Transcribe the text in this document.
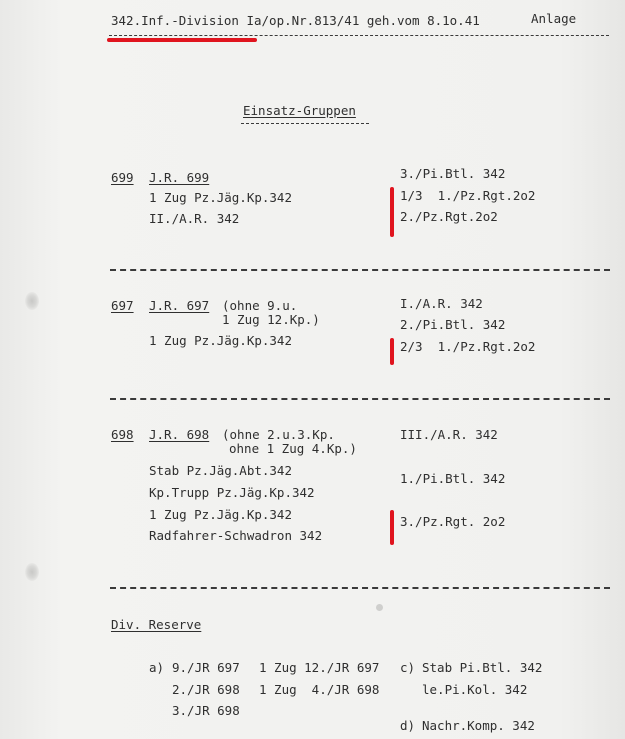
342.Inf.-Division Ia/op.Nr.813/41 geh.vom 8.1o.41	Anlage
Einsatz-Gruppen
699 J.R. 699
1 Zug Pz.Jäg.Kp.342
II./A.R. 342
3./Pi.Btl. 342
1/3  1./Pz.Rgt.2o2
2./Pz.Rgt.2o2
697 J.R. 697 (ohne 9.u.
1 Zug 12.Kp.)
1 Zug Pz.Jäg.Kp.342
I./A.R. 342
2./Pi.Btl. 342
2/3  1./Pz.Rgt.2o2
698 J.R. 698 (ohne 2.u.3.Kp.
ohne 1 Zug 4.Kp.)
Stab Pz.Jäg.Abt.342
Kp.Trupp Pz.Jäg.Kp.342
1 Zug Pz.Jäg.Kp.342
Radfahrer-Schwadron 342
III./A.R. 342
1./Pi.Btl. 342
3./Pz.Rgt. 2o2
Div. Reserve
a) 9./JR 697
2./JR 698
3./JR 698
1 Zug 12./JR 697
1 Zug  4./JR 698
c) Stab Pi.Btl. 342
le.Pi.Kol. 342
d) Nachr.Komp. 342
